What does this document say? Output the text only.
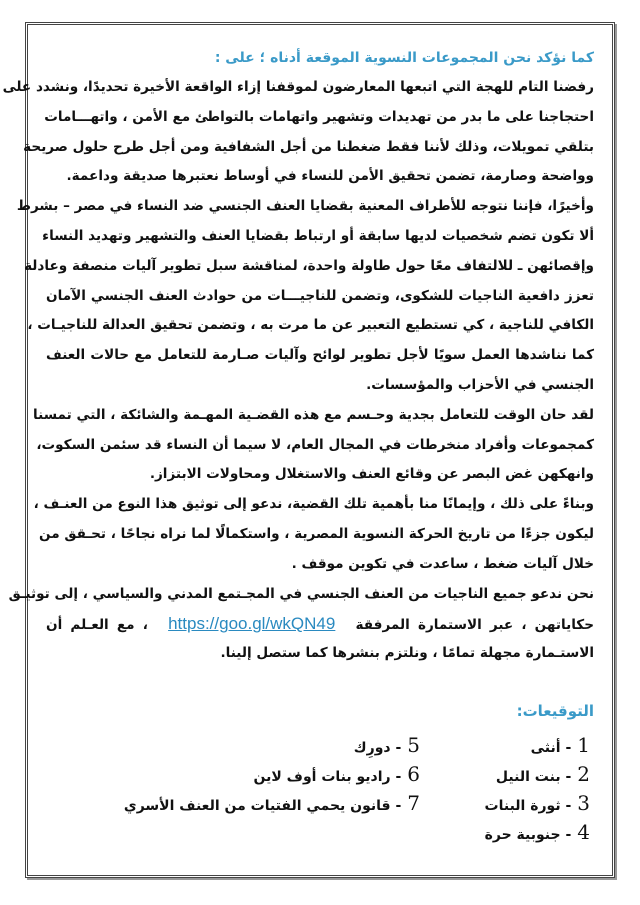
كما نؤكد نحن المجموعات النسوية الموقعة أدناه ؛ على :
رفضنا التام للهجة التي اتبعها المعارضون لموقفنا إزاء الواقعة الأخيرة تحديدًا، ونشدد على
احتجاجنا على ما بدر من تهديدات وتشهير واتهامات بالتواطئ مع الأمن ، واتهـــامات
بتلقي تمويلات، وذلك لأننا فقط ضغطنا من أجل الشفافية ومن أجل طرح حلول صريحة
وواضحة وصارمة، تضمن تحقيق الأمن للنساء في أوساط نعتبرها صديقة وداعمة.
وأخيرًا، فإننا نتوجه للأطراف المعنية بقضايا العنف الجنسي ضد النساء في مصر – بشرط
ألا تكون تضم شخصيات لديها سابقة أو ارتباط بقضايا العنف والتشهير وتهديد النساء
وإقصائهن ـ للالتفاف معًا حول طاولة واحدة، لمناقشة سبل تطوير آليات منصفة وعادلة
تعزز دافعية الناجيات للشكوى، وتضمن للناجيـــات من حوادث العنف الجنسي الآمان
الكافي للناجية ، كي تستطيع التعبير عن ما مرت به ، وتضمن تحقيق العدالة للناجيـات ،
كما نناشدها العمل سويًا لأجل تطوير لوائح وآليات صـارمة للتعامل مع حالات العنف
الجنسي في الأحزاب والمؤسسات.
لقد حان الوقت للتعامل بجدية وحـسم مع هذه القضـية المهـمة والشائكة ، التي تمسنا
كمجموعات وأفراد منخرطات في المجال العام، لا سيما أن النساء قد سئمن السكوت،
وانهكهن غض البصر عن وقائع العنف والاستغلال ومحاولات الابتزاز.
وبناءً على ذلك ، وإيمانًا منا بأهمية تلك القضية، ندعو إلى توثيق هذا النوع من العنـف ،
ليكون جزءًا من تاريخ الحركة النسوية المصرية ، واستكمالًا لما نراه نجاحًا ، تحـقق من
خلال آليات ضغط ، ساعدت في تكوين موقف .
نحن ندعو جميع الناجيات من العنف الجنسي في المجـتمع المدني والسياسي ، إلى توثيـق
حكاياتهن ، عبر الاستمارة المرفقة https://goo.gl/wkQN49 ، مع العـلم أن
الاستـمارة مجهلة تمامًا ، ونلتزم بنشرها كما ستصل إلينا.
التوقيعات:
1- أنثى
2- بنت النيل
3- ثورة البنات
4- جنوبية حرة
5- دورِك
6- راديو بنات أوف لاين
7- قانون يحمي الفتيات من العنف الأسري
